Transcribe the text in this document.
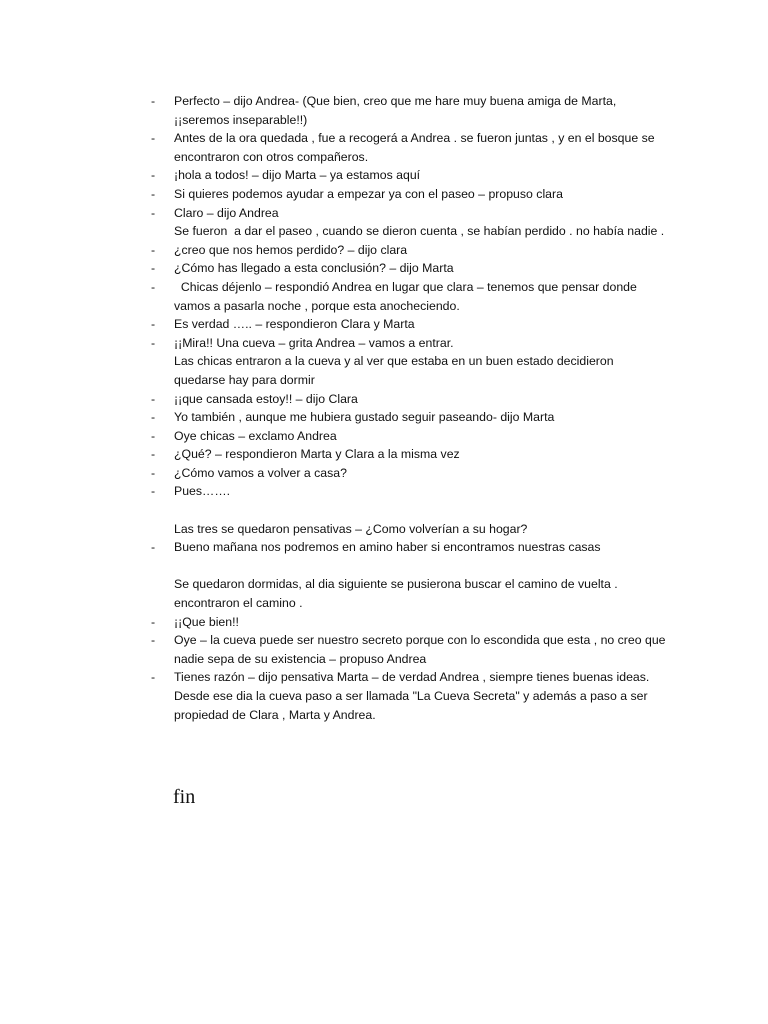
- Perfecto – dijo Andrea- (Que bien, creo que me hare muy buena amiga de Marta, ¡¡seremos inseparable!!)
- Antes de la ora quedada , fue a recogerá a Andrea . se fueron juntas , y en el bosque se encontraron con otros compañeros.
- ¡hola a todos! – dijo Marta – ya estamos aquí
- Si quieres podemos ayudar a empezar ya con el paseo – propuso clara
- Claro – dijo Andrea
Se fueron  a dar el paseo , cuando se dieron cuenta , se habían perdido . no había nadie .
- ¿creo que nos hemos perdido? – dijo clara
- ¿Cómo has llegado a esta conclusión? – dijo Marta
- Chicas déjenlo – respondió Andrea en lugar que clara – tenemos que pensar donde vamos a pasarla noche , porque esta anocheciendo.
- Es verdad ….. – respondieron Clara y Marta
- ¡¡Mira!! Una cueva – grita Andrea – vamos a entrar.
Las chicas entraron a la cueva y al ver que estaba en un buen estado decidieron quedarse hay para dormir
- ¡¡que cansada estoy!! – dijo Clara
- Yo también , aunque me hubiera gustado seguir paseando- dijo Marta
- Oye chicas – exclamo Andrea
- ¿Qué? – respondieron Marta y Clara a la misma vez
- ¿Cómo vamos a volver a casa?
- Pues…….
Las tres se quedaron pensativas – ¿Como volverían a su hogar?
- Bueno mañana nos podremos en amino haber si encontramos nuestras casas
Se quedaron dormidas, al dia siguiente se pusierona buscar el camino de vuelta . encontraron el camino .
- ¡¡Que bien!!
- Oye – la cueva puede ser nuestro secreto porque con lo escondida que esta , no creo que nadie sepa de su existencia – propuso Andrea
- Tienes razón – dijo pensativa Marta – de verdad Andrea , siempre tienes buenas ideas.
Desde ese dia la cueva paso a ser llamada "La Cueva Secreta" y además a paso a ser propiedad de Clara , Marta y Andrea.
fin
